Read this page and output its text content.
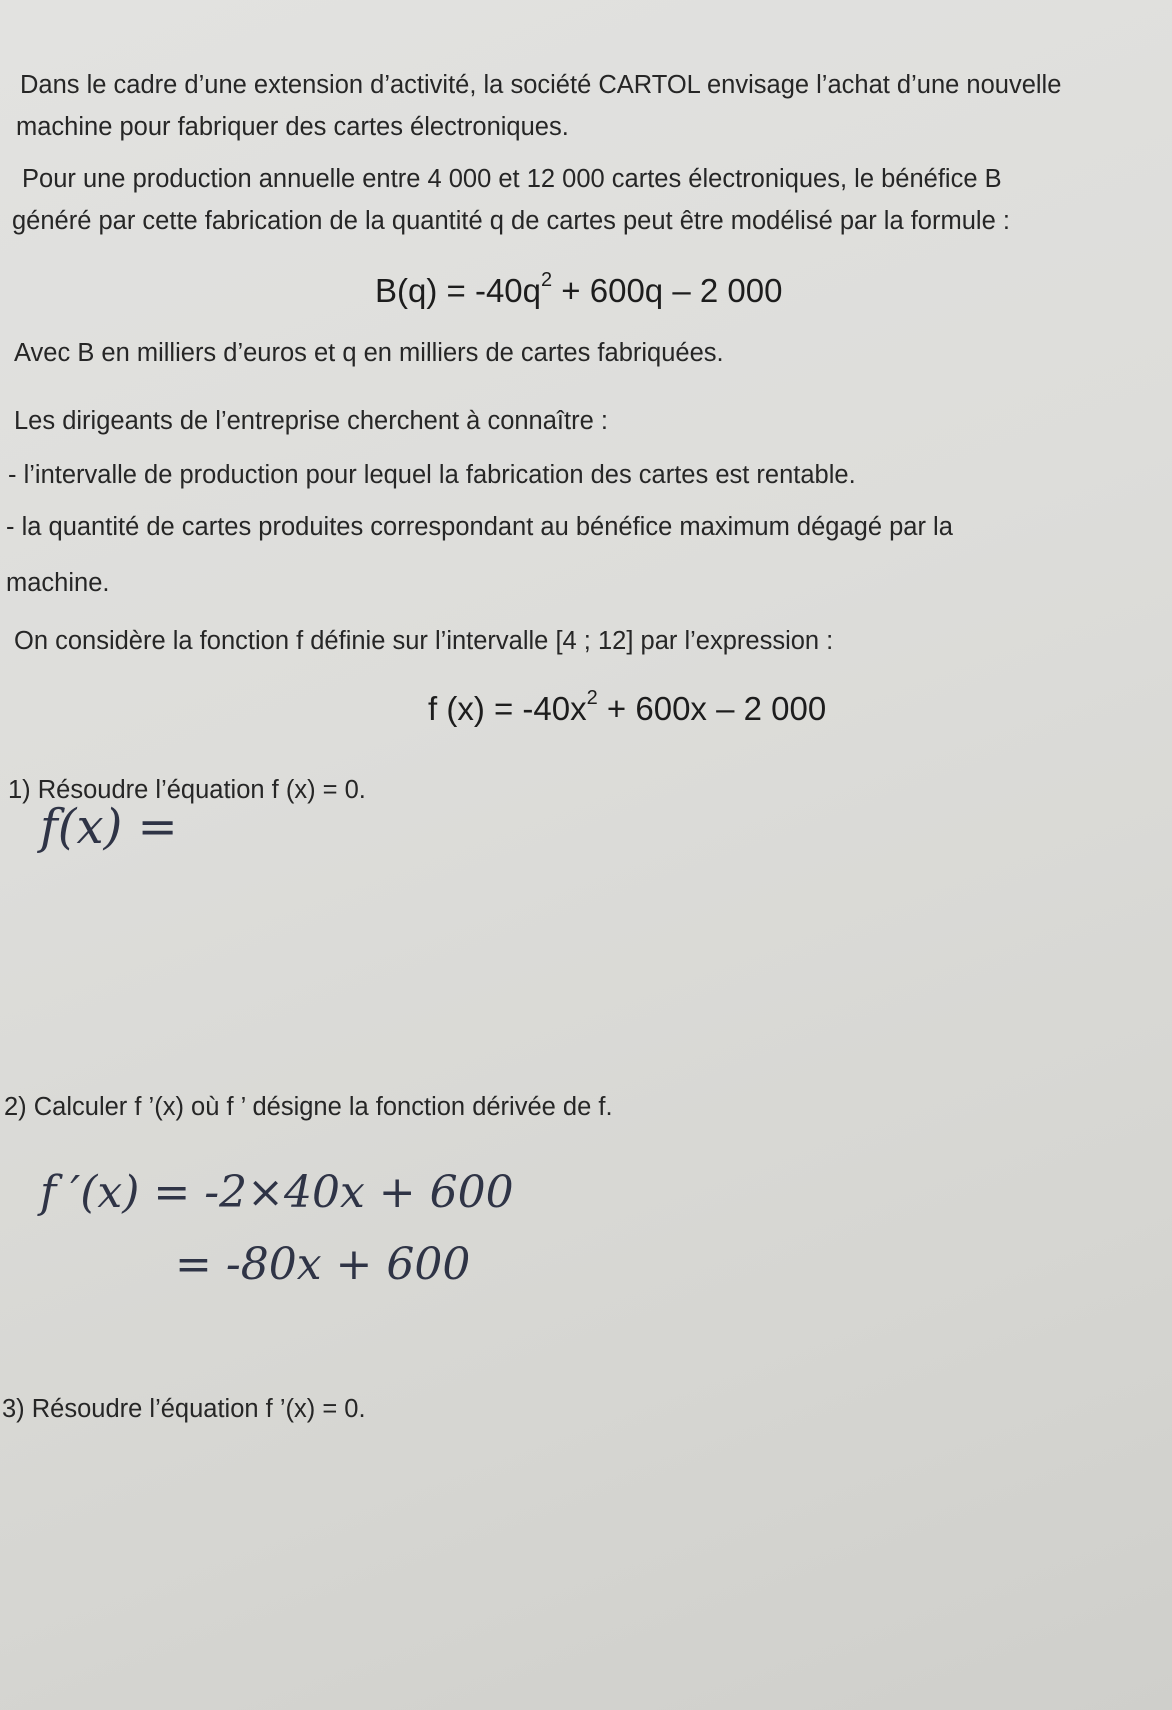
Dans le cadre d’une extension d’activité, la société CARTOL envisage l’achat d’une nouvelle

machine pour fabriquer des cartes électroniques.

Pour une production annuelle entre 4 000 et 12 000 cartes électroniques, le bénéfice B

généré par cette fabrication de la quantité q de cartes peut être modélisé par la formule :

$B(q) = -40q^2 + 600q - 2$ 000

Avec B en milliers d’euros et q en milliers de cartes fabriquées.

Les dirigeants de l’entreprise cherchent à connaître :

- l’intervalle de production pour lequel la fabrication des cartes est rentable.

- la quantité de cartes produites correspondant au bénéfice maximum dégagé par la

machine.

On considère la fonction f définie sur l’intervalle [4 ; 12] par l’expression :

f $(x) = -40x^2 + 600x - 2$ 000

1) Résoudre l’équation f (x) = 0.

f(x) =

2) Calculer f ’(x) où f ’ désigne la fonction dérivée de f.

f ′(x) = -2×40x + 600
= -80x + 600

3) Résoudre l’équation f ’(x) = 0.
